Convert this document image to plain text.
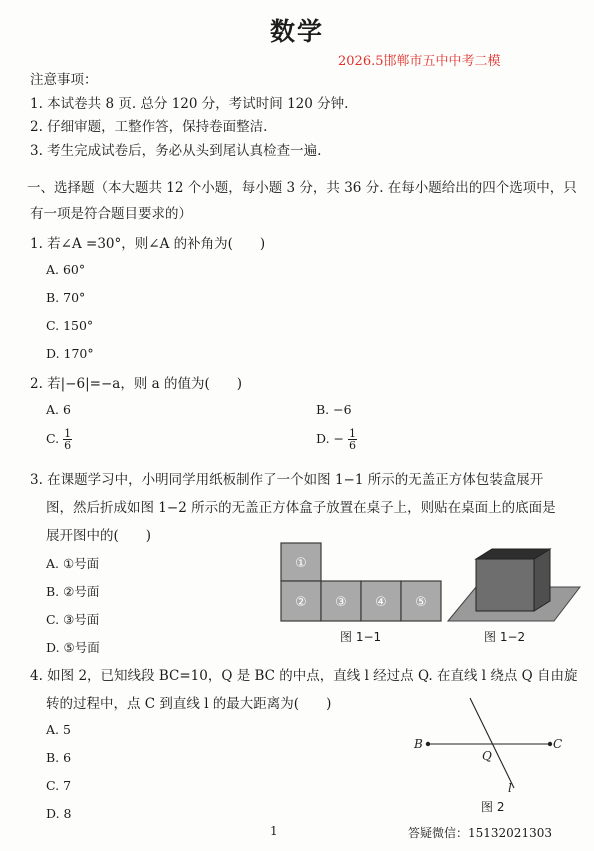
数学
2026.5邯郸市五中中考二模
注意事项：
1. 本试卷共 8 页. 总分 120 分，考试时间 120 分钟.
2. 仔细审题，工整作答，保持卷面整洁.
3. 考生完成试卷后，务必从头到尾认真检查一遍.
一、选择题（本大题共 12 个小题，每小题 3 分，共 36 分. 在每小题给出的四个选项中，只
有一项是符合题目要求的）
1. 若∠A =30°，则∠A 的补角为(　　)
A. 60°
B. 70°
C. 150°
D. 170°
2. 若|−6|=−a，则 a 的值为(　　)
A. 6	B. −6
C. $\frac{1}{6}$	D. − $\frac{1}{6}$
3. 在课题学习中，小明同学用纸板制作了一个如图 1−1 所示的无盖正方体包装盒展开
图，然后折成如图 1−2 所示的无盖正方体盒子放置在桌子上，则贴在桌面上的底面是
展开图中的(　　)
A. ①号面
B. ②号面
C. ③号面
D. ⑤号面
①
② ③ ④ ⑤
图 1−1	图 1−2
4. 如图 2，已知线段 BC=10，Q 是 BC 的中点，直线 l 经过点 Q. 在直线 l 绕点 Q 自由旋
转的过程中，点 C 到直线 l 的最大距离为(　　)
A. 5
B. 6
C. 7
D. 8
B	C
Q
l
图 2
1	答疑微信：15132021303
